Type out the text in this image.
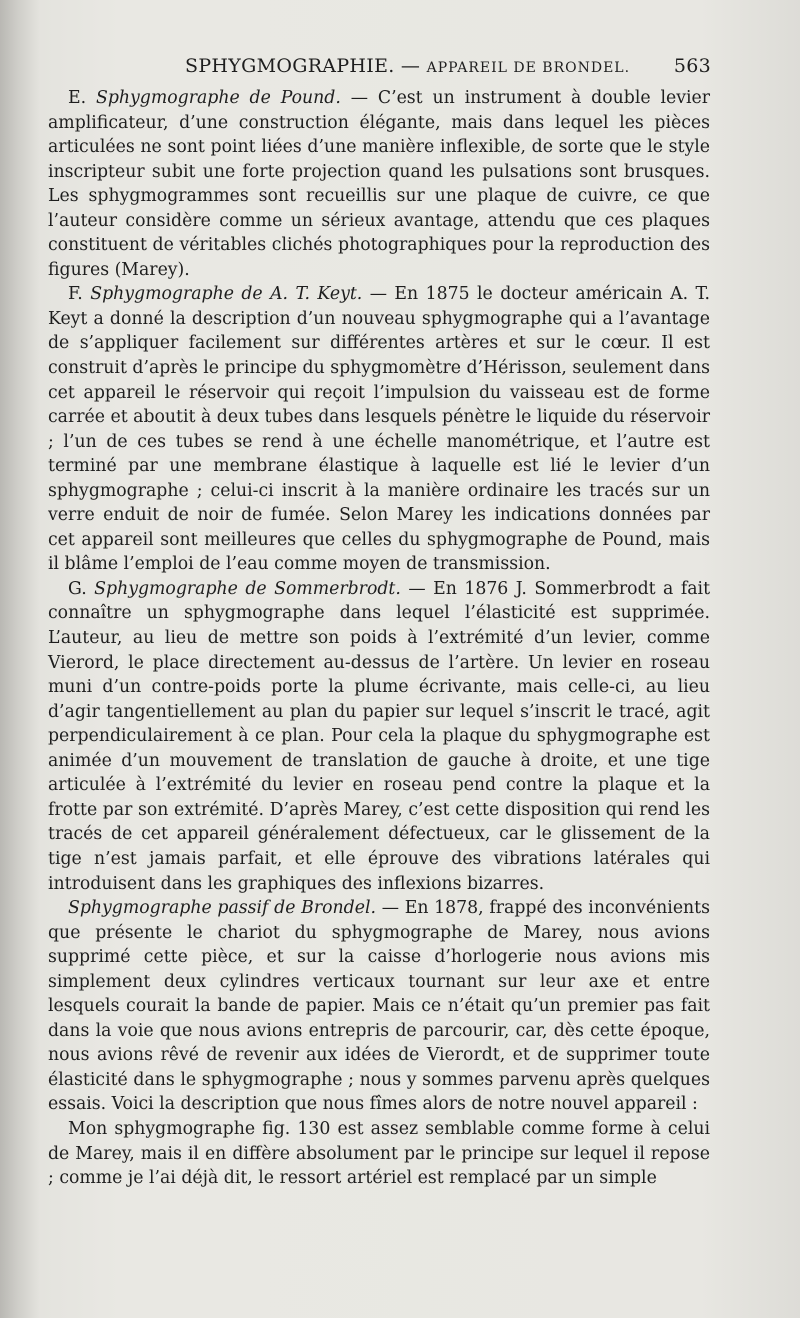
SPHYGMOGRAPHIE. — APPAREIL DE BRONDEL. 563

E. Sphygmographe de Pound. — C’est un instrument à double levier amplificateur, d’une construction élégante, mais dans lequel les pièces articulées ne sont point liées d’une manière inflexible, de sorte que le style inscripteur subit une forte projection quand les pulsations sont brusques. Les sphygmogrammes sont recueillis sur une plaque de cuivre, ce que l’auteur considère comme un sérieux avantage, attendu que ces plaques constituent de véritables clichés photographiques pour la reproduction des figures (Marey).

F. Sphygmographe de A. T. Keyt. — En 1875 le docteur américain A. T. Keyt a donné la description d’un nouveau sphygmographe qui a l’avantage de s’appliquer facilement sur différentes artères et sur le cœur. Il est construit d’après le principe du sphygmomètre d’Hérisson, seulement dans cet appareil le réservoir qui reçoit l’impulsion du vaisseau est de forme carrée et aboutit à deux tubes dans lesquels pénètre le liquide du réservoir ; l’un de ces tubes se rend à une échelle manométrique, et l’autre est terminé par une membrane élastique à laquelle est lié le levier d’un sphygmographe ; celui-ci inscrit à la manière ordinaire les tracés sur un verre enduit de noir de fumée. Selon Marey les indications données par cet appareil sont meilleures que celles du sphygmographe de Pound, mais il blâme l’emploi de l’eau comme moyen de transmission.

G. Sphygmographe de Sommerbrodt. — En 1876 J. Sommerbrodt a fait connaître un sphygmographe dans lequel l’élasticité est supprimée. L’auteur, au lieu de mettre son poids à l’extrémité d’un levier, comme Vierord, le place directement au-dessus de l’artère. Un levier en roseau muni d’un contre-poids porte la plume écrivante, mais celle-ci, au lieu d’agir tangentiellement au plan du papier sur lequel s’inscrit le tracé, agit perpendiculairement à ce plan. Pour cela la plaque du sphygmographe est animée d’un mouvement de translation de gauche à droite, et une tige articulée à l’extrémité du levier en roseau pend contre la plaque et la frotte par son extrémité. D’après Marey, c’est cette disposition qui rend les tracés de cet appareil généralement défectueux, car le glissement de la tige n’est jamais parfait, et elle éprouve des vibrations latérales qui introduisent dans les graphiques des inflexions bizarres.

Sphygmographe passif de Brondel. — En 1878, frappé des inconvénients que présente le chariot du sphygmographe de Marey, nous avions supprimé cette pièce, et sur la caisse d’horlogerie nous avions mis simplement deux cylindres verticaux tournant sur leur axe et entre lesquels courait la bande de papier. Mais ce n’était qu’un premier pas fait dans la voie que nous avions entrepris de parcourir, car, dès cette époque, nous avions rêvé de revenir aux idées de Vierordt, et de supprimer toute élasticité dans le sphygmographe ; nous y sommes parvenu après quelques essais. Voici la description que nous fîmes alors de notre nouvel appareil :

Mon sphygmographe fig. 130 est assez semblable comme forme à celui de Marey, mais il en diffère absolument par le principe sur lequel il repose ; comme je l’ai déjà dit, le ressort artériel est remplacé par un simple
